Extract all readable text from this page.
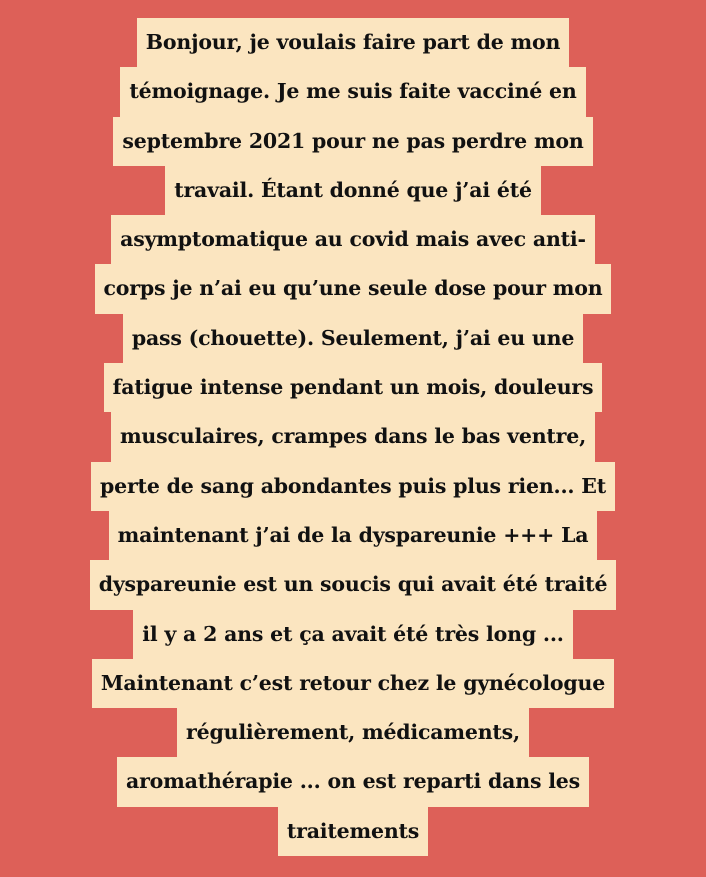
Bonjour, je voulais faire part de mon
témoignage. Je me suis faite vacciné en
septembre 2021 pour ne pas perdre mon
travail. Étant donné que j’ai été
asymptomatique au covid mais avec anti-
corps je n’ai eu qu’une seule dose pour mon
pass (chouette). Seulement, j’ai eu une
fatigue intense pendant un mois, douleurs
musculaires, crampes dans le bas ventre,
perte de sang abondantes puis plus rien... Et
maintenant j’ai de la dyspareunie +++ La
dyspareunie est un soucis qui avait été traité
il y a 2 ans et ça avait été très long ...
Maintenant c’est retour chez le gynécologue
régulièrement, médicaments,
aromathérapie ... on est reparti dans les
traitements
